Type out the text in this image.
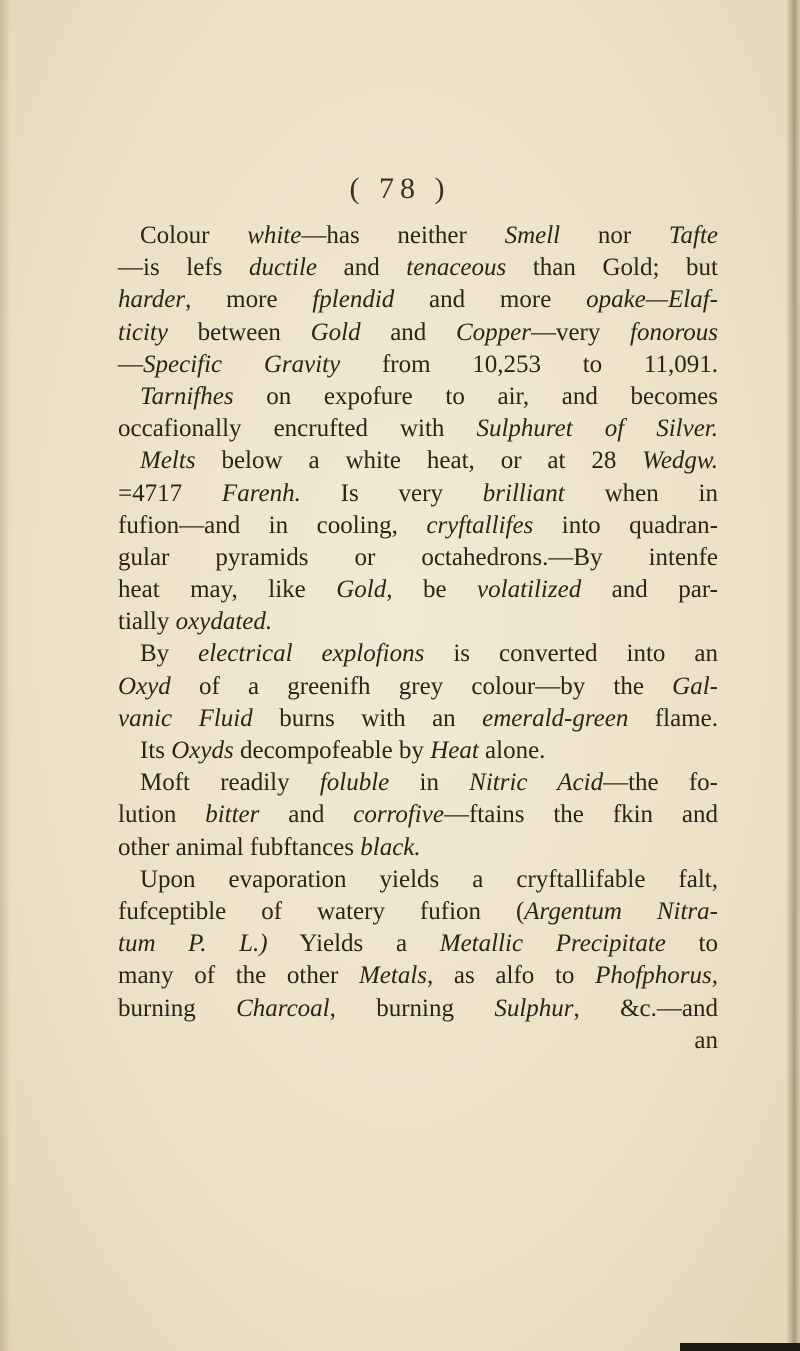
( 78 )
Colour white—has neither Smell nor Tafte
—is lefs ductile and tenaceous than Gold; but
harder, more fplendid and more opake—Elaf-
ticity between Gold and Copper—very fonorous
—Specific Gravity from 10,253 to 11,091.
Tarnifhes on expofure to air, and becomes
occafionally encrufted with Sulphuret of Silver.
Melts below a white heat, or at 28 Wedgw.
=4717 Farenh. Is very brilliant when in
fufion—and in cooling, cryftallifes into quadran-
gular pyramids or octahedrons.—By intenfe
heat may, like Gold, be volatilized and par-
tially oxydated.
By electrical explofions is converted into an
Oxyd of a greenifh grey colour—by the Gal-
vanic Fluid burns with an emerald-green flame.
Its Oxyds decompofeable by Heat alone.
Moft readily foluble in Nitric Acid—the fo-
lution bitter and corrofive—ftains the fkin and
other animal fubftances black.
Upon evaporation yields a cryftallifable falt,
fufceptible of watery fufion (Argentum Nitra-
tum P. L.) Yields a Metallic Precipitate to
many of the other Metals, as alfo to Phofphorus,
burning Charcoal, burning Sulphur, &c.—and
an
